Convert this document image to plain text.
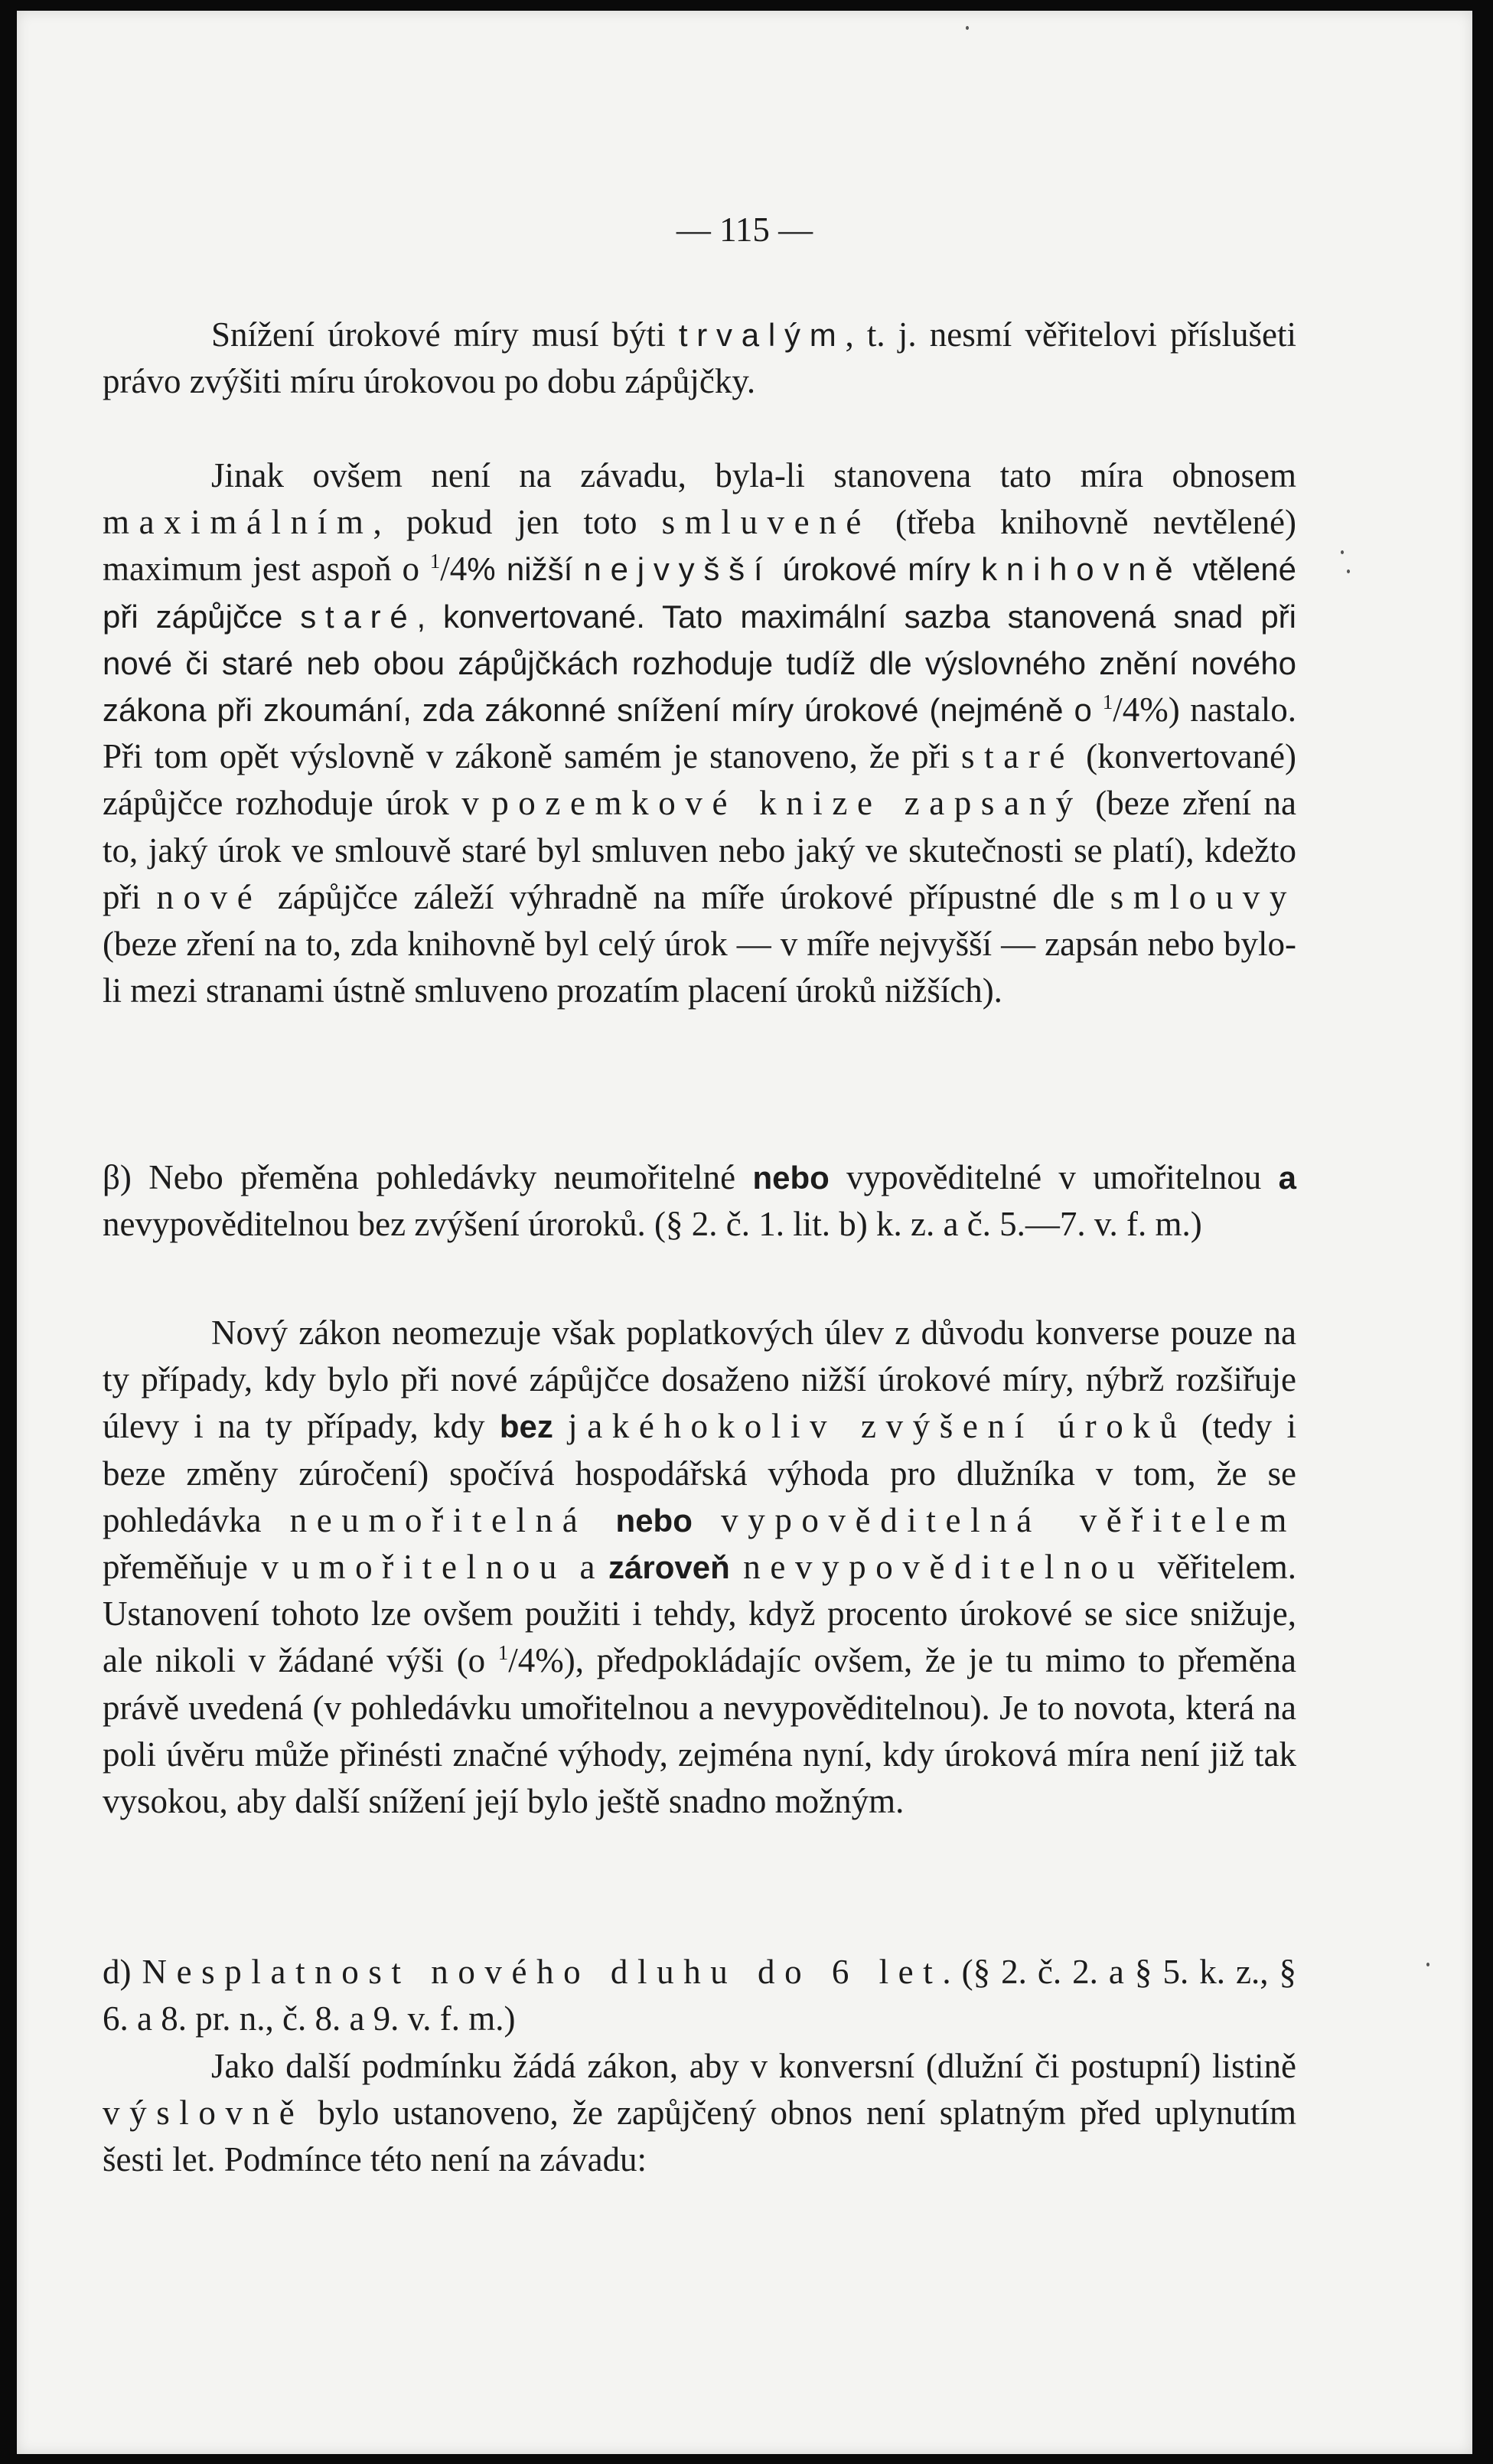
— 115 —

Snížení úrokové míry musí býti trvalým, t. j. nesmí věřitelovi příslušeti právo zvýšiti míru úrokovou po dobu zápůjčky.

Jinak ovšem není na závadu, byla-li stanovena tato míra obnosem maximálním, pokud jen toto smluvené (třeba knihovně nevtělené) maximum jest aspoň o $^1$/4% nižší nejvyšší úrokové míry knihovně vtělené při zápůjčce staré, konvertované. Tato maximální sazba stanovená snad při nové či staré neb obou zápůjčkách rozhoduje tudíž dle výslovného znění nového zákona při zkoumání, zda zákonné snížení míry úrokové (nejméně o $^1$/4%) nastalo. Při tom opět výslovně v zákoně samém je stanoveno, že při staré (konvertované) zápůjčce rozhoduje úrok v pozemkové knize zapsaný (beze zření na to, jaký úrok ve smlouvě staré byl smluven nebo jaký ve skutečnosti se platí), kdežto při nové zápůjčce záleží výhradně na míře úrokové přípustné dle smlouvy (beze zření na to, zda knihovně byl celý úrok — v míře nejvyšší — zapsán nebo bylo-li mezi stranami ústně smluveno prozatím placení úroků nižších).

β) Nebo přeměna pohledávky neumořitelné nebo vypověditelné v umořitelnou a nevypověditelnou bez zvýšení úroroků. (§ 2. č. 1. lit. b) k. z. a č. 5.—7. v. f. m.)

Nový zákon neomezuje však poplatkových úlev z důvodu konverse pouze na ty případy, kdy bylo při nové zápůjčce dosaženo nižší úrokové míry, nýbrž rozšiřuje úlevy i na ty případy, kdy bez jakéhokoliv zvýšení úroků (tedy i beze změny zúročení) spočívá hospodářská výhoda pro dlužníka v tom, že se pohledávka neumořitelná nebo vypověditelná věřitelem přeměňuje v umořitelnou a zároveň nevypověditelnou věřitelem. Ustanovení tohoto lze ovšem použiti i tehdy, když procento úrokové se sice snižuje, ale nikoli v žádané výši (o $^1$/4%), předpokládajíc ovšem, že je tu mimo to přeměna právě uvedená (v pohledávku umořitelnou a nevypověditelnou). Je to novota, která na poli úvěru může přinésti značné výhody, zejména nyní, kdy úroková míra není již tak vysokou, aby další snížení její bylo ještě snadno možným.

d) Nesplatnost nového dluhu do 6 let. (§ 2. č. 2. a § 5. k. z., § 6. a 8. pr. n., č. 8. a 9. v. f. m.)

Jako další podmínku žádá zákon, aby v konversní (dlužní či postupní) listině výslovně bylo ustanoveno, že zapůjčený obnos není splatným před uplynutím šesti let. Podmínce této není na závadu:
